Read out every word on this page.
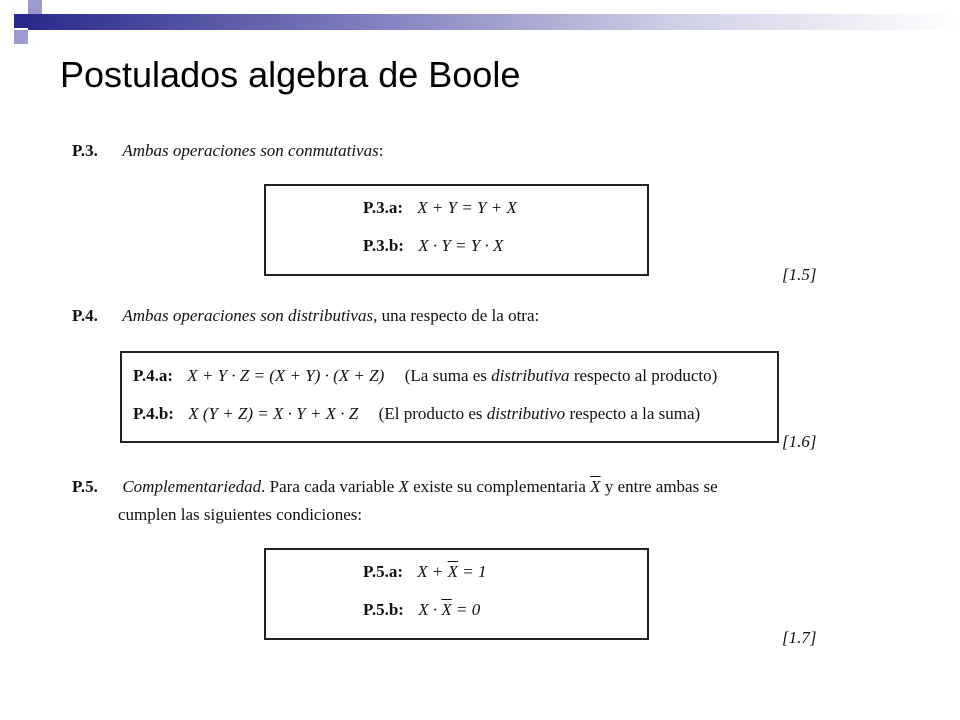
Postulados algebra de Boole
P.3. Ambas operaciones son conmutativas:
P.3.a: X + Y = Y + X
P.3.b: X · Y = Y · X
[1.5]
P.4. Ambas operaciones son distributivas, una respecto de la otra:
P.4.a: X + Y · Z = (X + Y) · (X + Z) (La suma es distributiva respecto al producto)
P.4.b: X (Y + Z) = X · Y + X · Z (El producto es distributivo respecto a la suma)
[1.6]
P.5. Complementariedad. Para cada variable X existe su complementaria $\overline{X}$ y entre ambas se
cumplen las siguientes condiciones:
P.5.a: $X + \overline{X} = 1$
P.5.b: $X \cdot \overline{X} = 0$
[1.7]
